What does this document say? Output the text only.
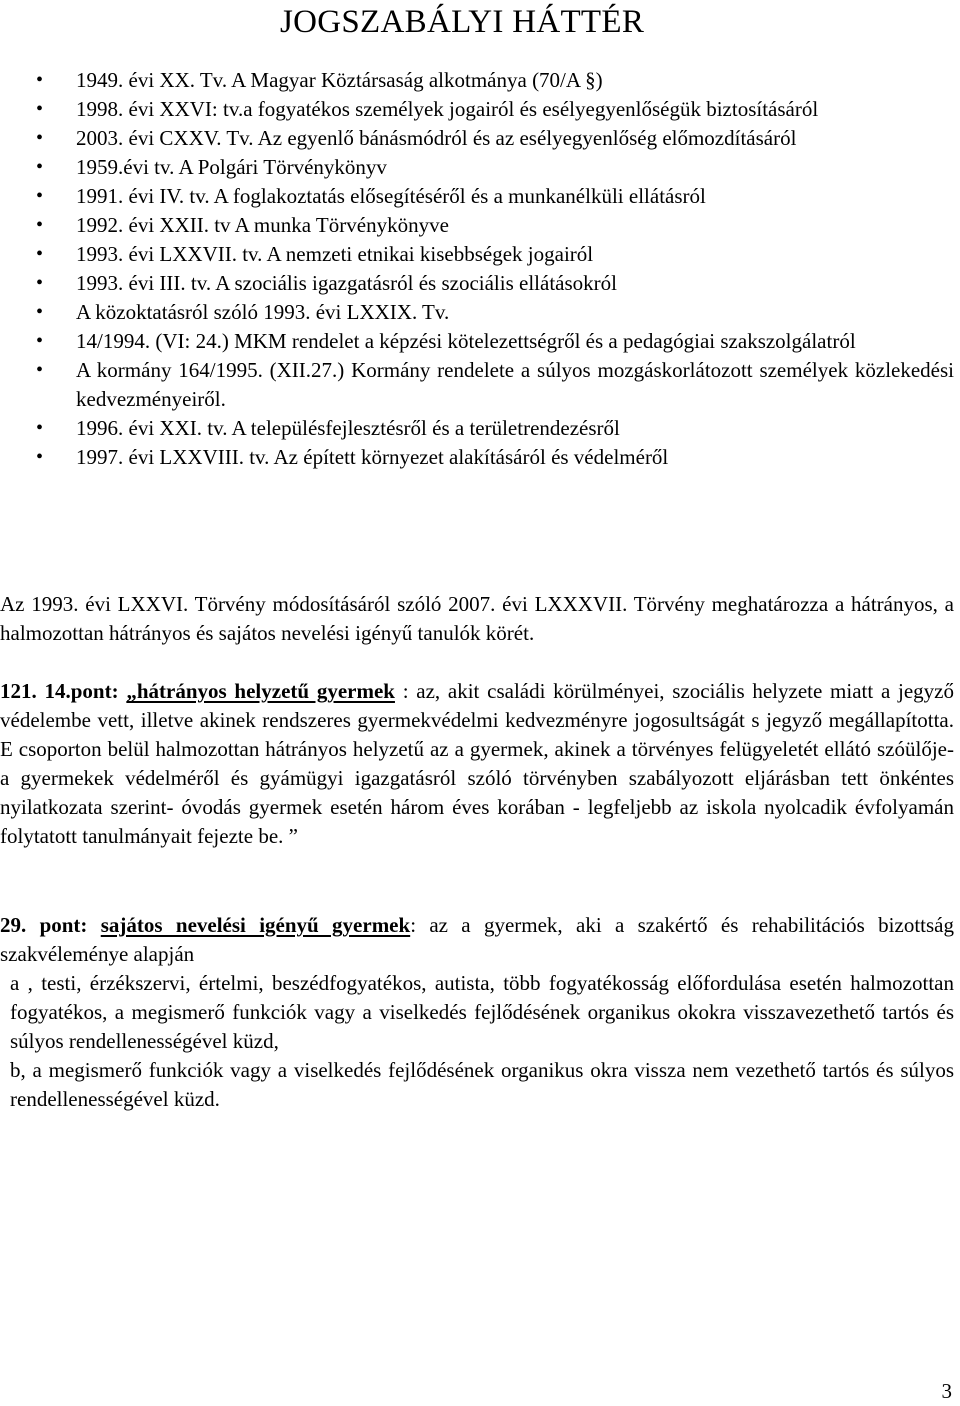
JOGSZABÁLYI HÁTTÉR
• 1949. évi XX. Tv. A Magyar Köztársaság alkotmánya (70/A §)
• 1998. évi XXVI: tv.a fogyatékos személyek jogairól és esélyegyenlőségük biztosításáról
• 2003. évi CXXV. Tv. Az egyenlő bánásmódról és az esélyegyenlőség előmozdításáról
• 1959.évi tv. A Polgári Törvénykönyv
• 1991. évi IV. tv. A foglakoztatás elősegítéséről és a munkanélküli ellátásról
• 1992. évi XXII. tv A munka Törvénykönyve
• 1993. évi LXXVII. tv. A nemzeti etnikai kisebbségek jogairól
• 1993. évi III. tv. A szociális igazgatásról és szociális ellátásokról
• A közoktatásról szóló 1993. évi LXXIX. Tv.
• 14/1994. (VI: 24.) MKM rendelet a képzési kötelezettségről és a pedagógiai szakszolgálatról
• A kormány 164/1995. (XII.27.) Kormány rendelete a súlyos mozgáskorlátozott személyek közlekedési kedvezményeiről.
• 1996. évi XXI. tv. A településfejlesztésről és a területrendezésről
• 1997. évi LXXVIII. tv. Az épített környezet alakításáról és védelméről

Az 1993. évi LXXVI. Törvény módosításáról szóló 2007. évi LXXXVII. Törvény meghatározza a hátrányos, a halmozottan hátrányos és sajátos nevelési igényű tanulók körét.

121. 14.pont: „hátrányos helyzetű gyermek : az, akit családi körülményei, szociális helyzete miatt a jegyző védelembe vett, illetve akinek rendszeres gyermekvédelmi kedvezményre jogosultságát s jegyző megállapította. E csoporton belül halmozottan hátrányos helyzetű az a gyermek, akinek a törvényes felügyeletét ellátó szóülője- a gyermekek védelméről és gyámügyi igazgatásról szóló törvényben szabályozott eljárásban tett önkéntes nyilatkozata szerint- óvodás gyermek esetén három éves korában - legfeljebb az iskola nyolcadik évfolyamán folytatott tanulmányait fejezte be. ”

29. pont: sajátos nevelési igényű gyermek: az a gyermek, aki a szakértő és rehabilitációs bizottság szakvéleménye alapján

a , testi, érzékszervi, értelmi, beszédfogyatékos, autista, több fogyatékosság előfordulása esetén halmozottan fogyatékos, a megismerő funkciók vagy a viselkedés fejlődésének organikus okokra visszavezethető tartós és súlyos rendellenességével küzd,

b, a megismerő funkciók vagy a viselkedés fejlődésének organikus okra vissza nem vezethető tartós és súlyos rendellenességével küzd.

3
